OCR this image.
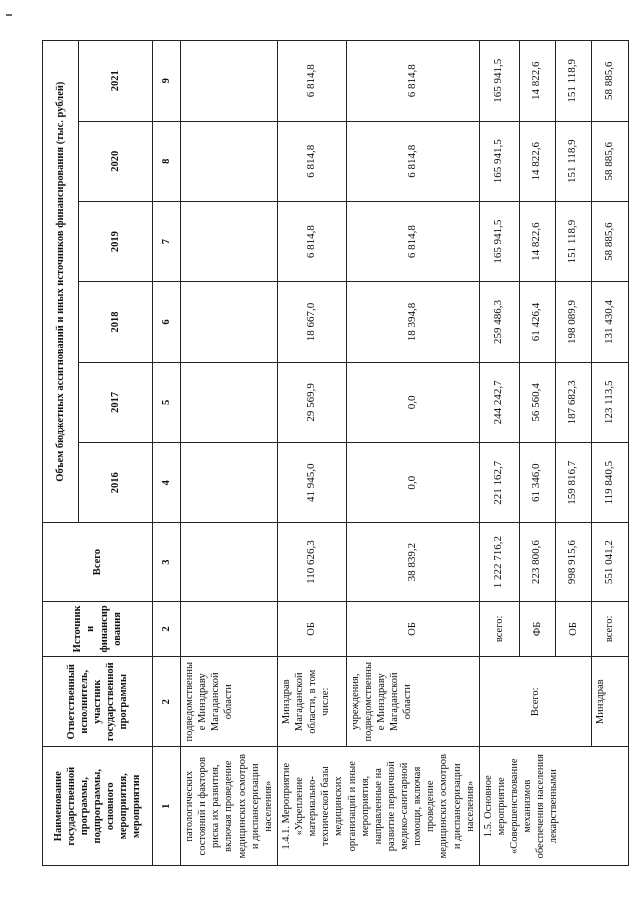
Наименование государственной программы, подпрограммы, основного мероприятия, мероприятия	Ответственный исполнитель, участник государственной программы	Источник и финансир ования	Всего	Объем бюджетных ассигнований и иных источников финансирования (тыс. рублей)					
				2016	2017	2018	2019	2020	2021
1	2	2	3	4	5	6	7	8	9
патологических состояний и факторов риска их развития, включая проведение медицинских осмотров и диспансеризации населения»	подведомственны е Минздраву Магаданской области								
1.4.1. Мероприятие «Укрепление материально-технической базы медицинских организаций и иные мероприятия, направленные на развитие первичной медико-санитарной помощи, включая проведение медицинских осмотров и диспансеризации населения»	Минздрав Магаданской области, в том числе:	ОБ	110 626,3	41 945,0	29 569,9	18 667,0	6 814,8	6 814,8	6 814,8
	учреждения, подведомственны е Минздраву Магаданской области	ОБ	38 839,2	0,0	0,0	18 394,8	6 814,8	6 814,8	6 814,8
1.5. Основное мероприятие «Совершенствование механизмов обеспечения населения лекарственными	Всего:	всего:	1 222 716,2	221 162,7	244 242,7	259 486,3	165 941,5	165 941,5	165 941,5
		ФБ	223 800,6	61 346,0	56 560,4	61 426,4	14 822,6	14 822,6	14 822,6
		ОБ	998 915,6	159 816,7	187 682,3	198 089,9	151 118,9	151 118,9	151 118,9
	Минздрав	всего:	551 041,2	119 840,5	123 113,5	131 430,4	58 885,6	58 885,6	58 885,6
